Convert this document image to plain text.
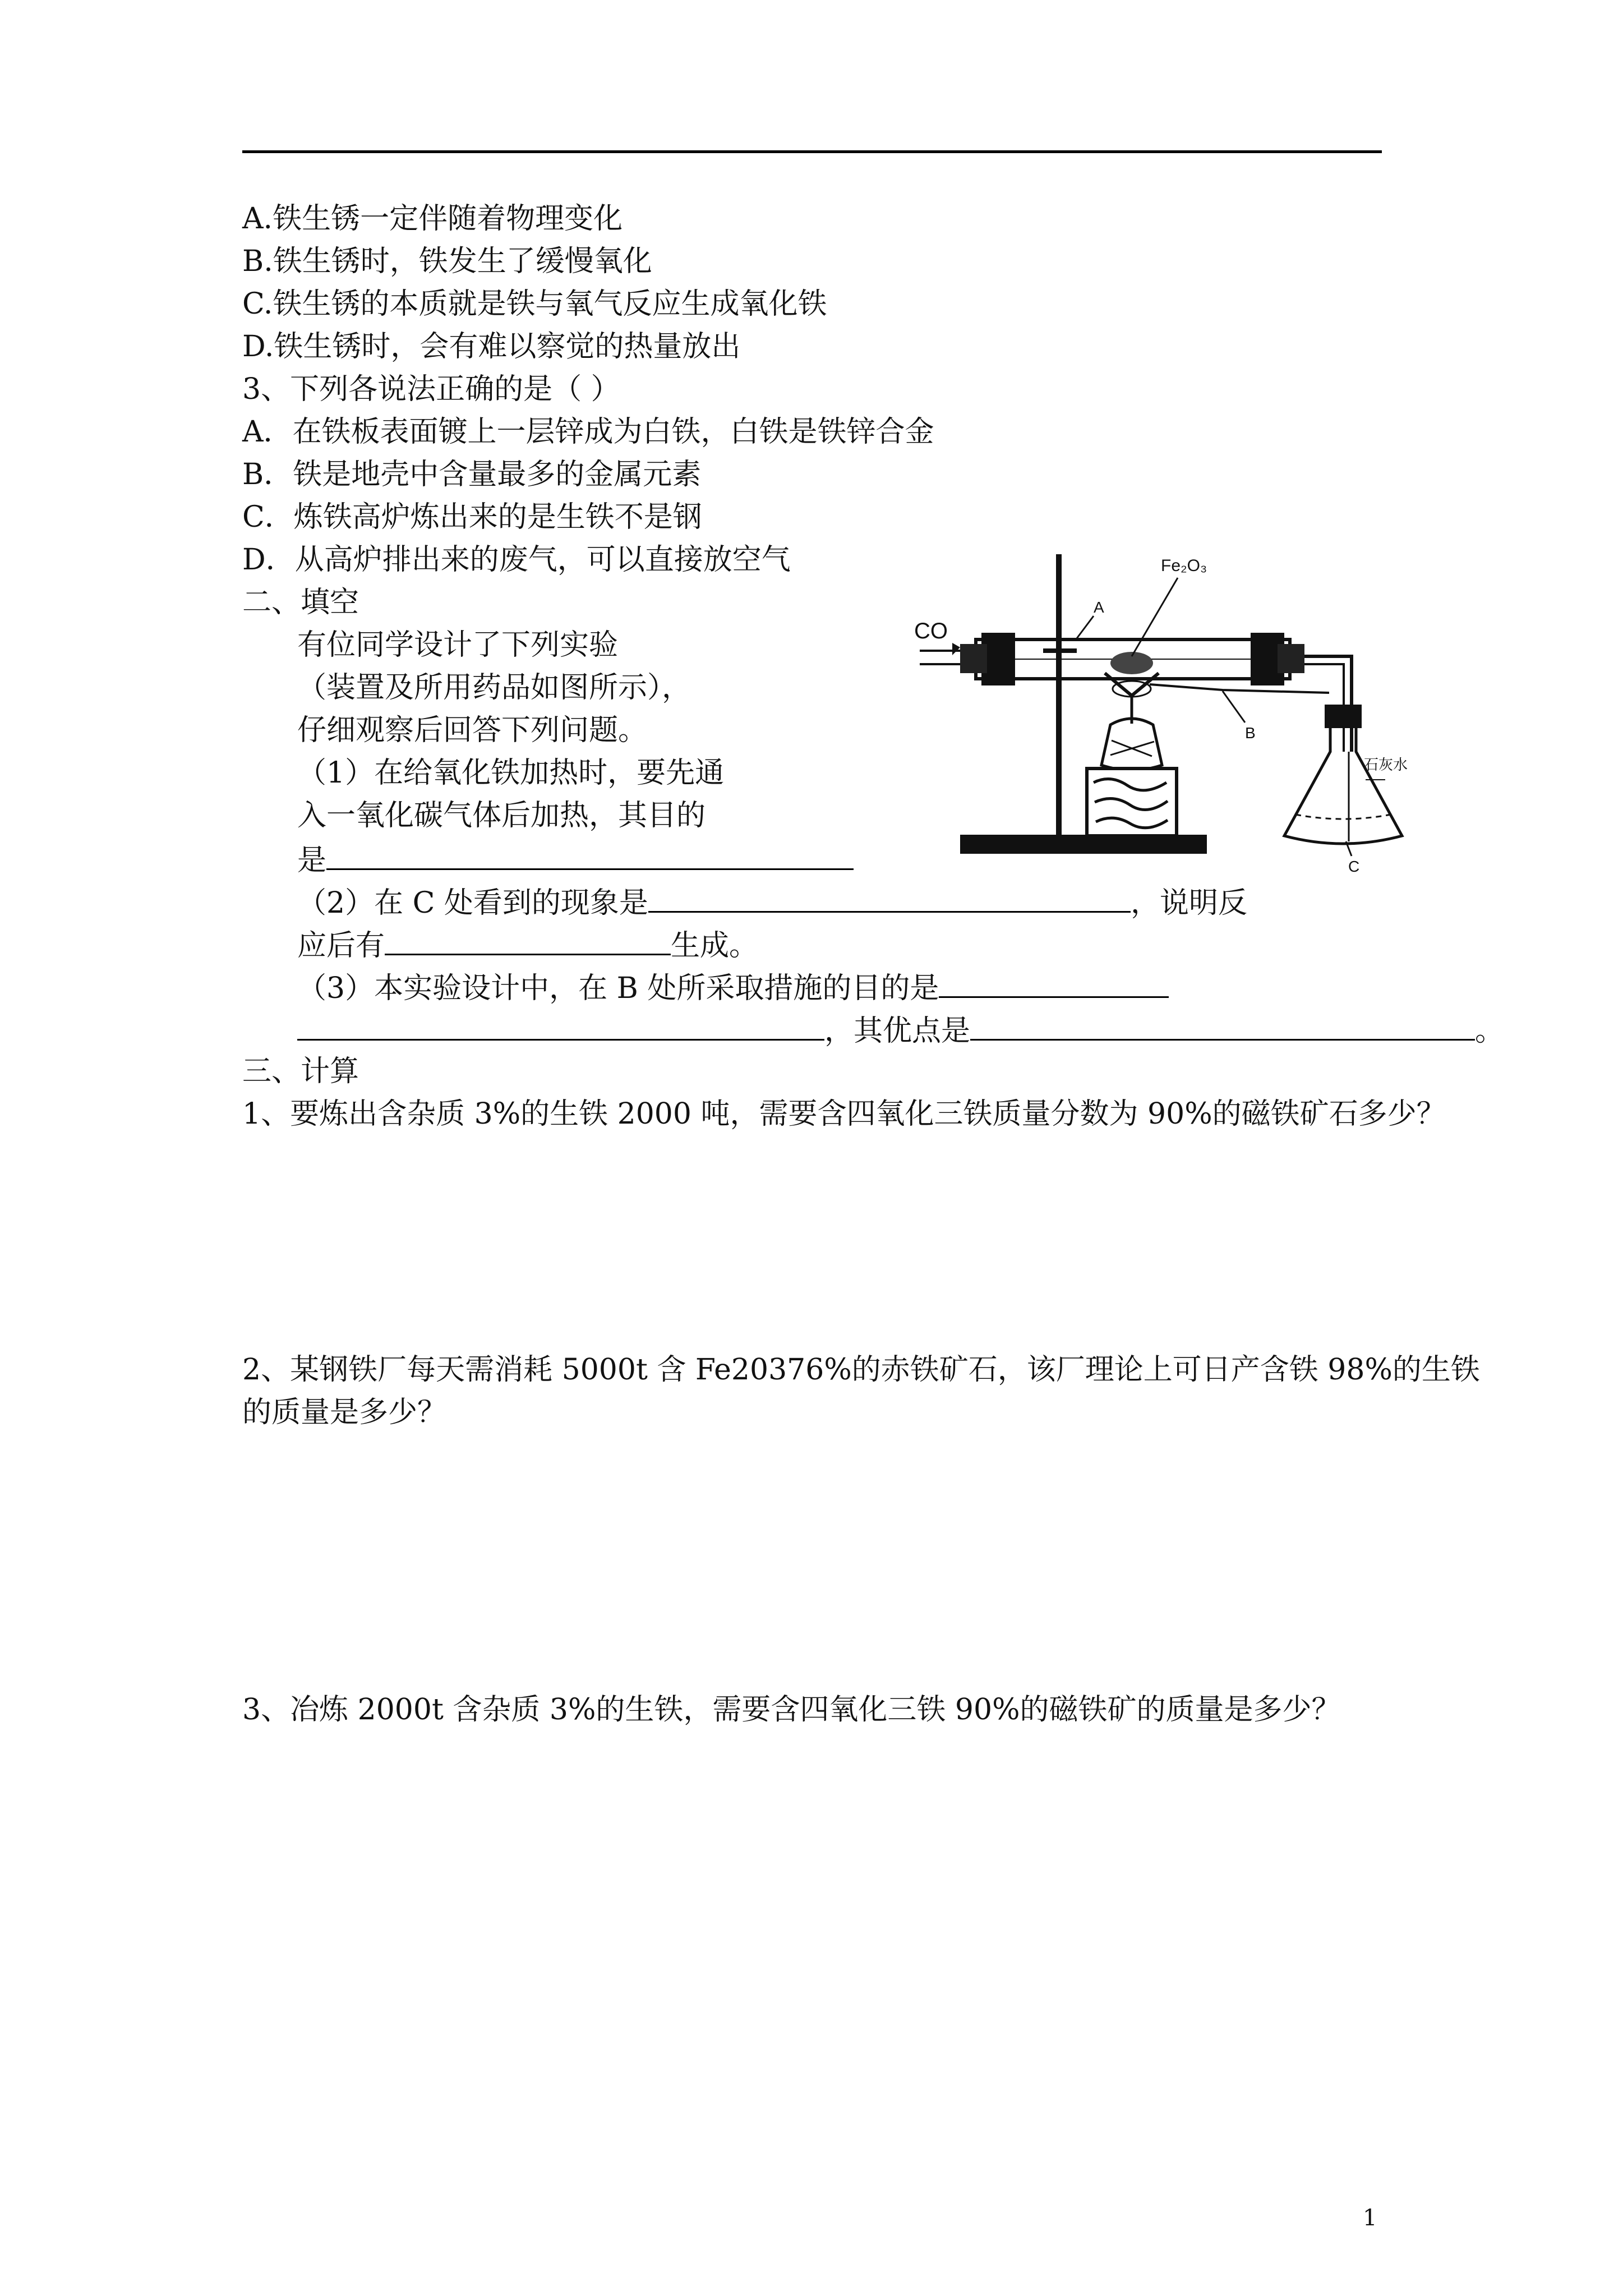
A.铁生锈一定伴随着物理变化
B.铁生锈时，铁发生了缓慢氧化
C.铁生锈的本质就是铁与氧气反应生成氧化铁
D.铁生锈时，会有难以察觉的热量放出
3、下列各说法正确的是（ ）
A．在铁板表面镀上一层锌成为白铁，白铁是铁锌合金
B．铁是地壳中含量最多的金属元素
C．炼铁高炉炼出来的是生铁不是钢
D．从高炉排出来的废气，可以直接放空气
二、填空
有位同学设计了下列实验
（装置及所用药品如图所示），
仔细观察后回答下列问题。
（1）在给氧化铁加热时，要先通
入一氧化碳气体后加热，其目的
是
（2）在 C 处看到的现象是	，说明反
应后有	生成。
（3）本实验设计中，在 B 处所采取措施的目的是
，其优点是	。
CO
Fe₂O₃
A
B
石灰水
C
三、计算
1、要炼出含杂质 3%的生铁 2000 吨，需要含四氧化三铁质量分数为 90%的磁铁矿石多少？
2、某钢铁厂每天需消耗 5000t 含 Fe20376%的赤铁矿石，该厂理论上可日产含铁 98%的生铁
的质量是多少？
3、冶炼 2000t 含杂质 3%的生铁，需要含四氧化三铁 90%的磁铁矿的质量是多少？
1
